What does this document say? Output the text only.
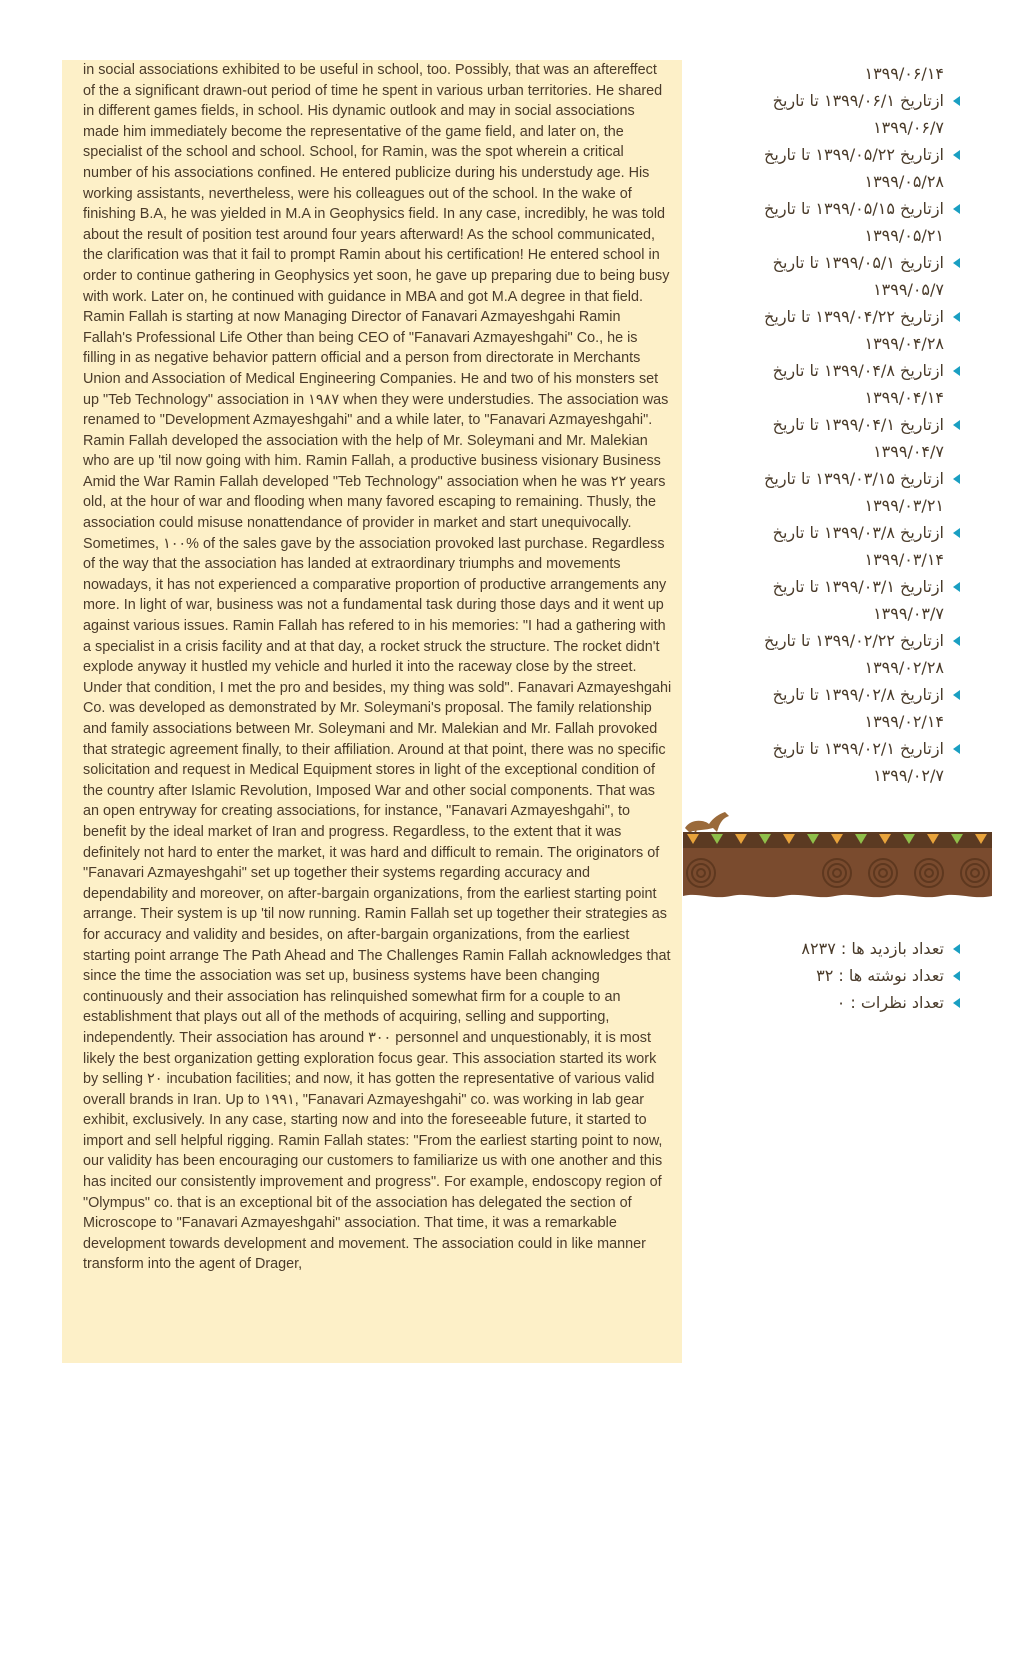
in social associations exhibited to be useful in school, too. Possibly, that was an aftereffect of the a significant drawn-out period of time he spent in various urban territories. He shared in different games fields, in school. His dynamic outlook and may in social associations made him immediately become the representative of the game field, and later on, the specialist of the school and school. School, for Ramin, was the spot wherein a critical number of his associations confined. He entered publicize during his understudy age. His working assistants, nevertheless, were his colleagues out of the school. In the wake of finishing B.A, he was yielded in M.A in Geophysics field. In any case, incredibly, he was told about the result of position test around four years afterward! As the school communicated, the clarification was that it fail to prompt Ramin about his certification! He entered school in order to continue gathering in Geophysics yet soon, he gave up preparing due to being busy with work. Later on, he continued with guidance in MBA and got M.A degree in that field. Ramin Fallah is starting at now Managing Director of Fanavari Azmayeshgahi Ramin Fallah's Professional Life Other than being CEO of "Fanavari Azmayeshgahi" Co., he is filling in as negative behavior pattern official and a person from directorate in Merchants Union and Association of Medical Engineering Companies. He and two of his monsters set up "Teb Technology" association in ۱۹۸۷ when they were understudies. The association was renamed to "Development Azmayeshgahi" and a while later, to "Fanavari Azmayeshgahi". Ramin Fallah developed the association with the help of Mr. Soleymani and Mr. Malekian who are up 'til now going with him. Ramin Fallah, a productive business visionary Business Amid the War Ramin Fallah developed "Teb Technology" association when he was ۲۲ years old, at the hour of war and flooding when many favored escaping to remaining. Thusly, the association could misuse nonattendance of provider in market and start unequivocally. Sometimes, ۱۰۰% of the sales gave by the association provoked last purchase. Regardless of the way that the association has landed at extraordinary triumphs and movements nowadays, it has not experienced a comparative proportion of productive arrangements any more. In light of war, business was not a fundamental task during those days and it went up against various issues. Ramin Fallah has refered to in his memories: "I had a gathering with a specialist in a crisis facility and at that day, a rocket struck the structure. The rocket didn't explode anyway it hustled my vehicle and hurled it into the raceway close by the street. Under that condition, I met the pro and besides, my thing was sold". Fanavari Azmayeshgahi Co. was developed as demonstrated by Mr. Soleymani's proposal. The family relationship and family associations between Mr. Soleymani and Mr. Malekian and Mr. Fallah provoked that strategic agreement finally, to their affiliation. Around at that point, there was no specific solicitation and request in Medical Equipment stores in light of the exceptional condition of the country after Islamic Revolution, Imposed War and other social components. That was an open entryway for creating associations, for instance, "Fanavari Azmayeshgahi", to benefit by the ideal market of Iran and progress. Regardless, to the extent that it was definitely not hard to enter the market, it was hard and difficult to remain. The originators of "Fanavari Azmayeshgahi" set up together their systems regarding accuracy and dependability and moreover, on after-bargain organizations, from the earliest starting point arrange. Their system is up 'til now running. Ramin Fallah set up together their strategies as for accuracy and validity and besides, on after-bargain organizations, from the earliest starting point arrange The Path Ahead and The Challenges Ramin Fallah acknowledges that since the time the association was set up, business systems have been changing continuously and their association has relinquished somewhat firm for a couple to an establishment that plays out all of the methods of acquiring, selling and supporting, independently. Their association has around ۳۰۰ personnel and unquestionably, it is most likely the best organization getting exploration focus gear. This association started its work by selling ۲۰ incubation facilities; and now, it has gotten the representative of various valid overall brands in Iran. Up to ۱۹۹۱, "Fanavari Azmayeshgahi" co. was working in lab gear exhibit, exclusively. In any case, starting now and into the foreseeable future, it started to import and sell helpful rigging. Ramin Fallah states: "From the earliest starting point to now, our validity has been encouraging our customers to familiarize us with one another and this has incited our consistently improvement and progress". For example, endoscopy region of "Olympus" co. that is an exceptional bit of the association has delegated the section of Microscope to "Fanavari Azmayeshgahi" association. That time, it was a remarkable development towards development and movement. The association could in like manner transform into the agent of Drager,

۱۳۹۹/۰۶/۱۴
ازتاریخ ۱۳۹۹/۰۶/۱ تا تاریخ
۱۳۹۹/۰۶/۷
ازتاریخ ۱۳۹۹/۰۵/۲۲ تا تاریخ
۱۳۹۹/۰۵/۲۸
ازتاریخ ۱۳۹۹/۰۵/۱۵ تا تاریخ
۱۳۹۹/۰۵/۲۱
ازتاریخ ۱۳۹۹/۰۵/۱ تا تاریخ
۱۳۹۹/۰۵/۷
ازتاریخ ۱۳۹۹/۰۴/۲۲ تا تاریخ
۱۳۹۹/۰۴/۲۸
ازتاریخ ۱۳۹۹/۰۴/۸ تا تاریخ
۱۳۹۹/۰۴/۱۴
ازتاریخ ۱۳۹۹/۰۴/۱ تا تاریخ
۱۳۹۹/۰۴/۷
ازتاریخ ۱۳۹۹/۰۳/۱۵ تا تاریخ
۱۳۹۹/۰۳/۲۱
ازتاریخ ۱۳۹۹/۰۳/۸ تا تاریخ
۱۳۹۹/۰۳/۱۴
ازتاریخ ۱۳۹۹/۰۳/۱ تا تاریخ
۱۳۹۹/۰۳/۷
ازتاریخ ۱۳۹۹/۰۲/۲۲ تا تاریخ
۱۳۹۹/۰۲/۲۸
ازتاریخ ۱۳۹۹/۰۲/۸ تا تاریخ
۱۳۹۹/۰۲/۱۴
ازتاریخ ۱۳۹۹/۰۲/۱ تا تاریخ
۱۳۹۹/۰۲/۷
آمار وبلاگ
تعداد بازدید ها : ۸۲۳۷
تعداد نوشته ها : ۳۲
تعداد نظرات : ۰
